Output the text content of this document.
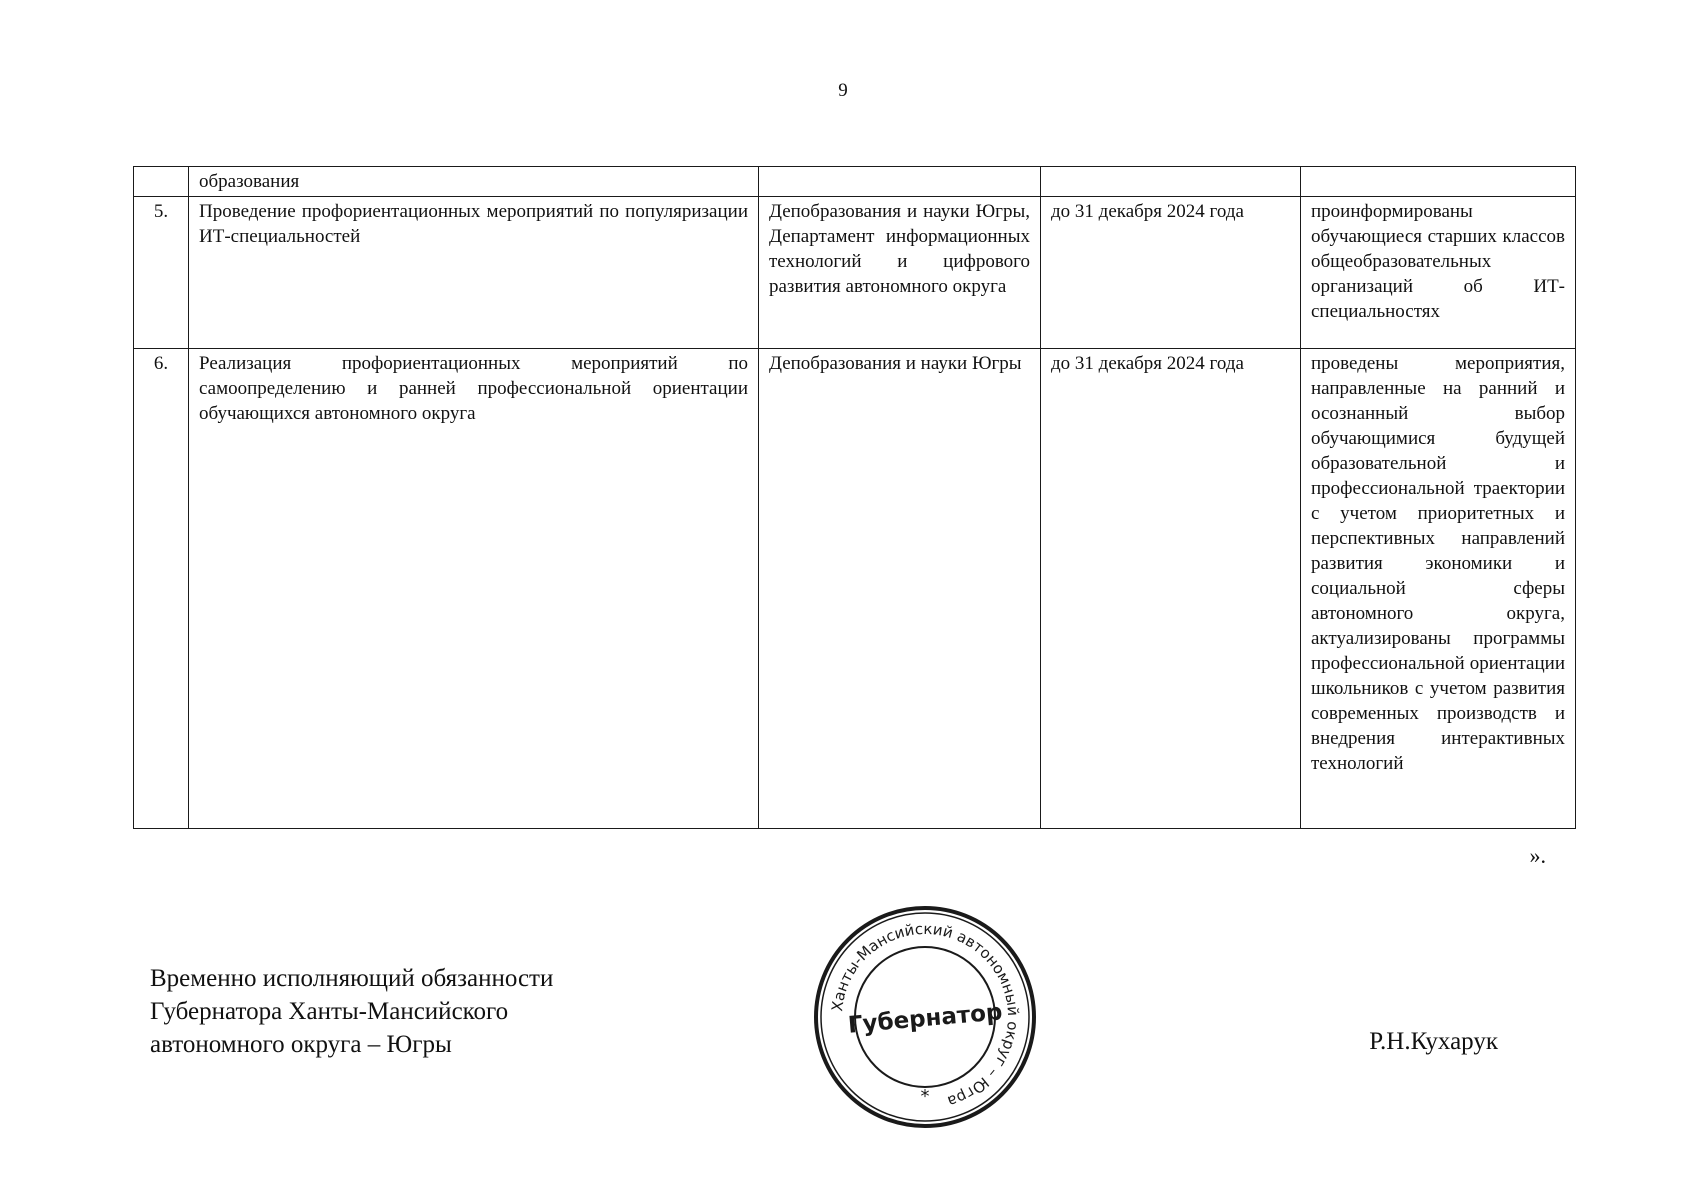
9
	образования			
5.	Проведение профориентационных мероприятий по популяризации ИТ-специальностей	Депобразования и науки Югры, Департамент информационных технологий и цифрового развития автономного округа	до 31 декабря 2024 года	проинформированы обучающиеся старших классов общеобразовательных организаций об ИТ-специальностях
6.	Реализация профориентационных мероприятий по самоопределению и ранней профессиональной ориентации обучающихся автономного округа	Депобразования и науки Югры	до 31 декабря 2024 года	проведены мероприятия, направленные на ранний и осознанный выбор обучающимися будущей образовательной и профессиональной траектории с учетом приоритетных и перспективных направлений развития экономики и социальной сферы автономного округа, актуализированы программы профессиональной ориентации школьников с учетом развития современных производств и внедрения интерактивных технологий
».
Временно исполняющий обязанности
Губернатора Ханты-Мансийского
автономного округа – Югры
Ханты-Мансийский автономный округ – Югра
Губернатор
*
Р.Н.Кухарук
